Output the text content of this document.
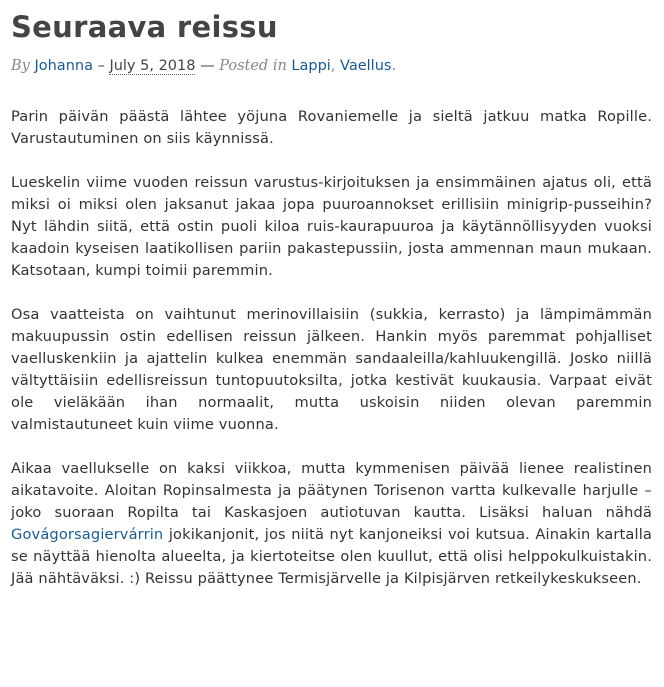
Seuraava reissu
By Johanna – July 5, 2018 — Posted in Lappi, Vaellus.

Parin päivän päästä lähtee yöjuna Rovaniemelle ja sieltä jatkuu matka Ropille. Varustautuminen on siis käynnissä.

Lueskelin viime vuoden reissun varustus-kirjoituksen ja ensimmäinen ajatus oli, että miksi oi miksi olen jaksanut jakaa jopa puuroannokset erillisiin minigrip-pusseihin? Nyt lähdin siitä, että ostin puoli kiloa ruis-kaurapuuroa ja käytännöllisyyden vuoksi kaadoin kyseisen laatikollisen pariin pakastepussiin, josta ammennan maun mukaan. Katsotaan, kumpi toimii paremmin.

Osa vaatteista on vaihtunut merinovillaisiin (sukkia, kerrasto) ja lämpimämmän makuupussin ostin edellisen reissun jälkeen. Hankin myös paremmat pohjalliset vaelluskenkiin ja ajattelin kulkea enemmän sandaaleilla/kahluukengillä. Josko niillä vältyttäisiin edellisreissun tuntopuutoksilta, jotka kestivät kuukausia. Varpaat eivät ole vieläkään ihan normaalit, mutta uskoisin niiden olevan paremmin valmistautuneet kuin viime vuonna.

Aikaa vaellukselle on kaksi viikkoa, mutta kymmenisen päivää lienee realistinen aikatavoite. Aloitan Ropinsalmesta ja päätynen Torisenon vartta kulkevalle harjulle – joko suoraan Ropilta tai Kaskasjoen autiotuvan kautta. Lisäksi haluan nähdä Govágorsagiervárrin jokikanjonit, jos niitä nyt kanjoneiksi voi kutsua. Ainakin kartalla se näyttää hienolta alueelta, ja kiertoteitse olen kuullut, että olisi helppokulkuistakin. Jää nähtäväksi. :) Reissu päättynee Termisjärvelle ja Kilpisjärven retkeilykeskukseen.
